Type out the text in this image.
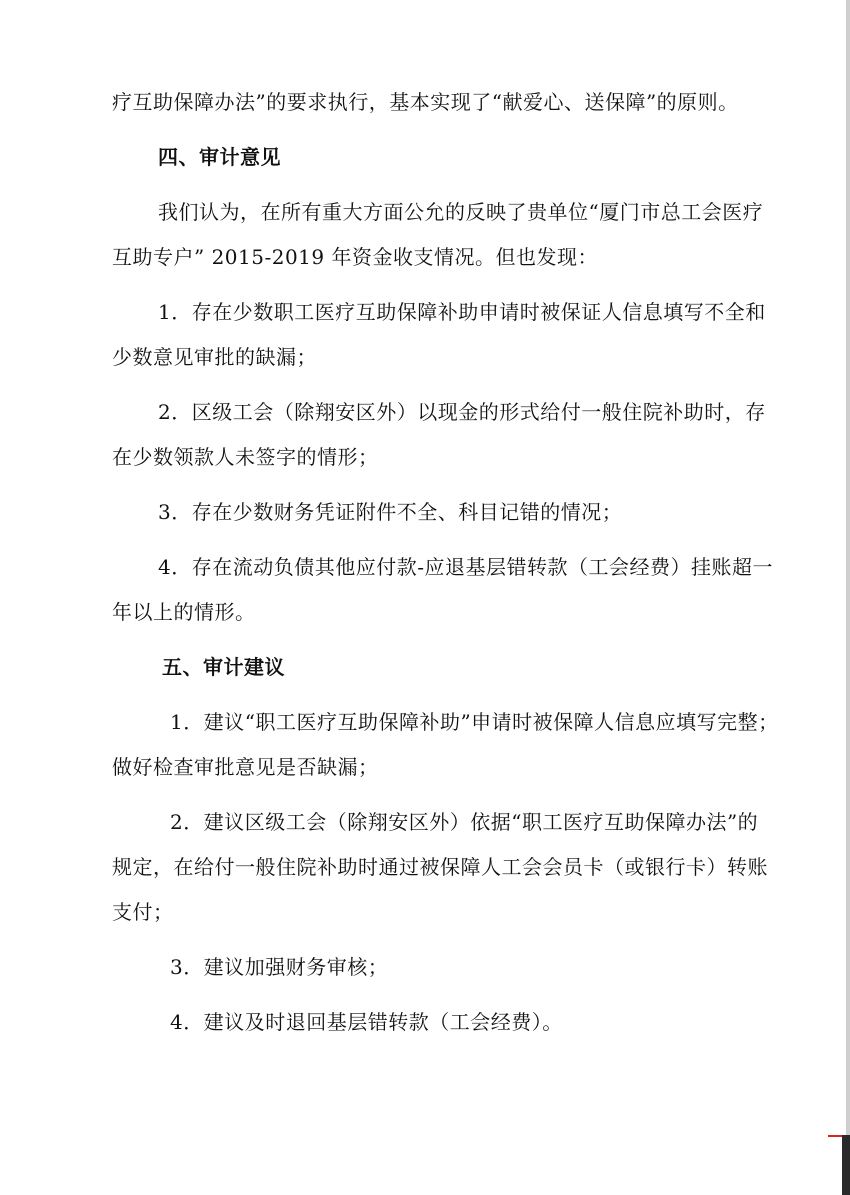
疗互助保障办法”的要求执行，基本实现了“献爱心、送保障”的原则。
四、审计意见
我们认为，在所有重大方面公允的反映了贵单位“厦门市总工会医疗
互助专户” 2015-2019 年资金收支情况。但也发现：
1．存在少数职工医疗互助保障补助申请时被保证人信息填写不全和
少数意见审批的缺漏；
2．区级工会（除翔安区外）以现金的形式给付一般住院补助时，存
在少数领款人未签字的情形；
3．存在少数财务凭证附件不全、科目记错的情况；
4．存在流动负债其他应付款-应退基层错转款（工会经费）挂账超一
年以上的情形。
五、审计建议
1．建议“职工医疗互助保障补助”申请时被保障人信息应填写完整；
做好检查审批意见是否缺漏；
2．建议区级工会（除翔安区外）依据“职工医疗互助保障办法”的
规定，在给付一般住院补助时通过被保障人工会会员卡（或银行卡）转账
支付；
3．建议加强财务审核；
4．建议及时退回基层错转款（工会经费）。
